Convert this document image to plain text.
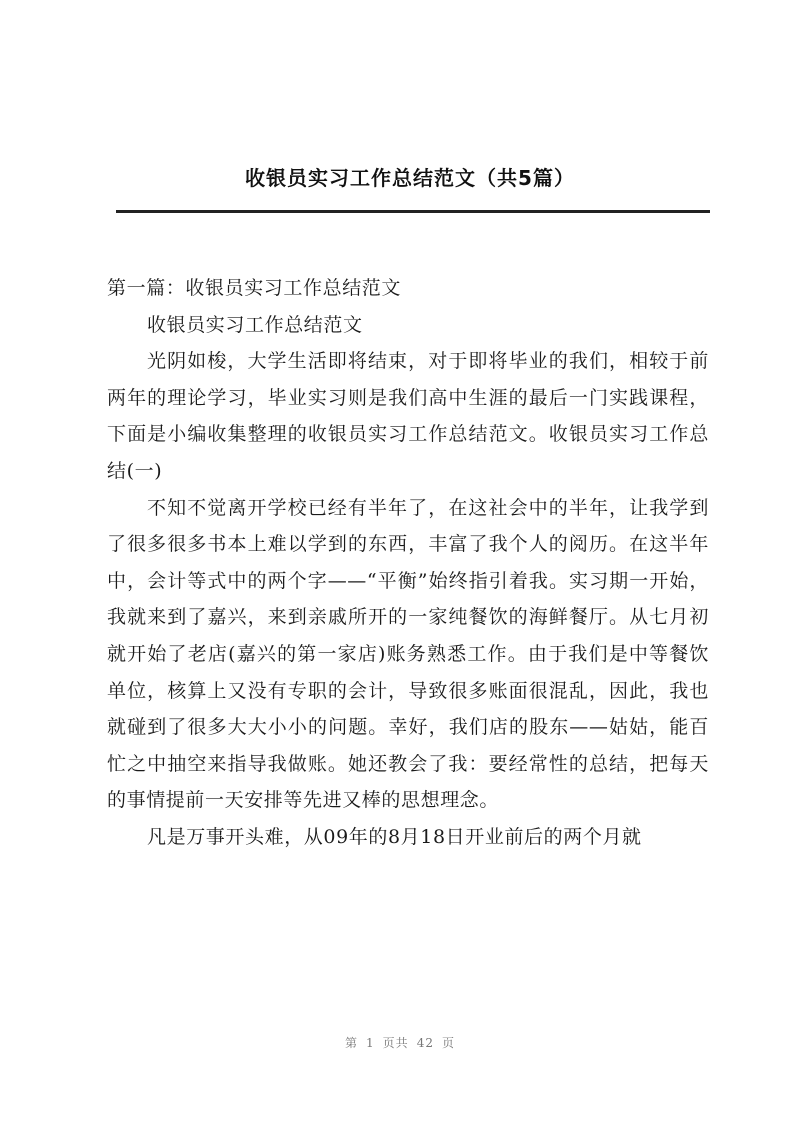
收银员实习工作总结范文（共5篇）

第一篇：收银员实习工作总结范文

收银员实习工作总结范文

光阴如梭，大学生活即将结束，对于即将毕业的我们，相较于前两年的理论学习，毕业实习则是我们高中生涯的最后一门实践课程，下面是小编收集整理的收银员实习工作总结范文。收银员实习工作总结(一)

不知不觉离开学校已经有半年了，在这社会中的半年，让我学到了很多很多书本上难以学到的东西，丰富了我个人的阅历。在这半年中，会计等式中的两个字——“平衡”始终指引着我。实习期一开始，我就来到了嘉兴，来到亲戚所开的一家纯餐饮的海鲜餐厅。从七月初就开始了老店(嘉兴的第一家店)账务熟悉工作。由于我们是中等餐饮单位，核算上又没有专职的会计，导致很多账面很混乱，因此，我也就碰到了很多大大小小的问题。幸好，我们店的股东——姑姑，能百忙之中抽空来指导我做账。她还教会了我：要经常性的总结，把每天的事情提前一天安排等先进又棒的思想理念。

凡是万事开头难，从09年的8月18日开业前后的两个月就

第 1 页共 42 页
